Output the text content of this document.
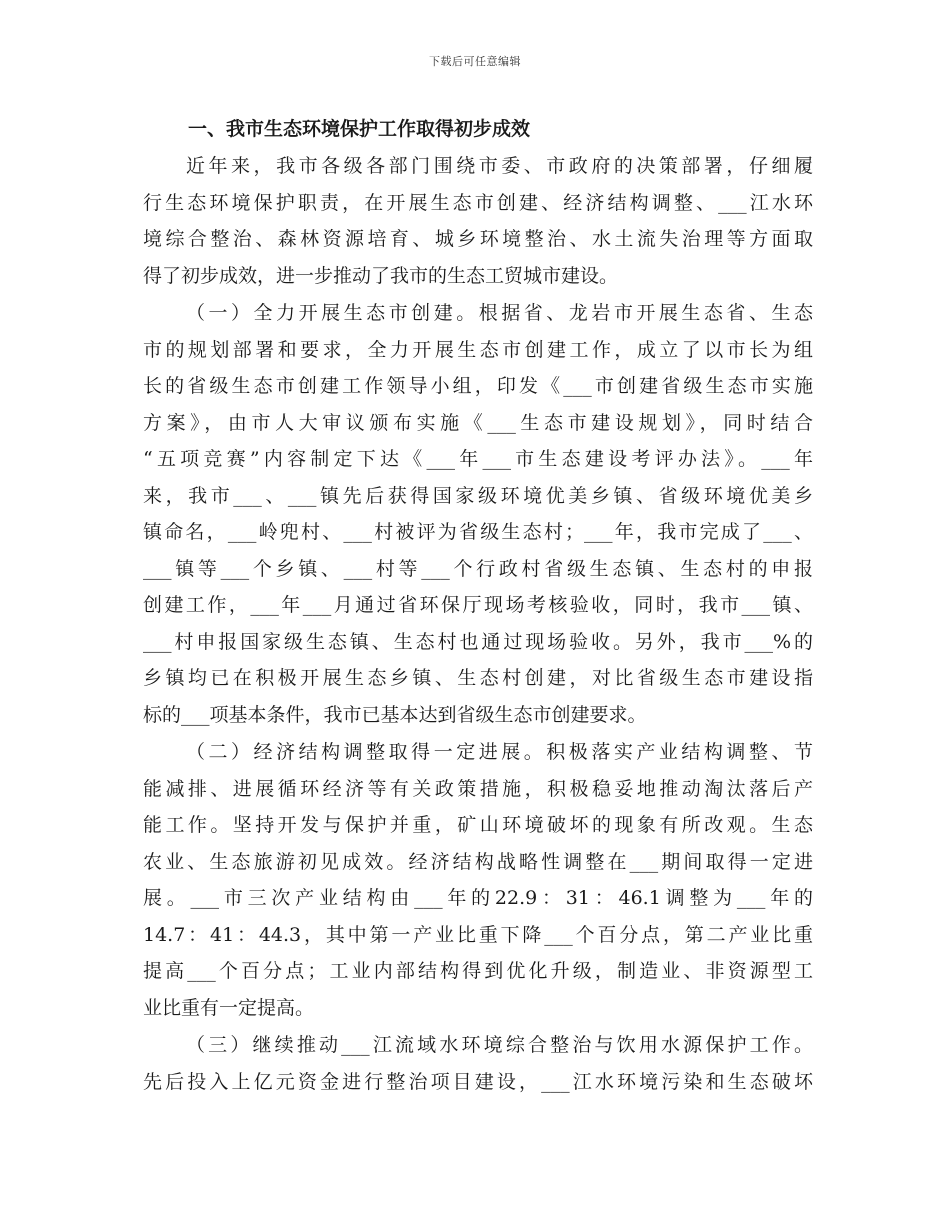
下载后可任意编辑
一、我市生态环境保护工作取得初步成效
近年来，我市各级各部门围绕市委、市政府的决策部署，仔细履
行生态环境保护职责，在开展生态市创建、经济结构调整、___江水环
境综合整治、森林资源培育、城乡环境整治、水土流失治理等方面取
得了初步成效，进一步推动了我市的生态工贸城市建设。
（一）全力开展生态市创建。根据省、龙岩市开展生态省、生态
市的规划部署和要求，全力开展生态市创建工作，成立了以市长为组
长的省级生态市创建工作领导小组，印发《___市创建省级生态市实施
方案》，由市人大审议颁布实施《___生态市建设规划》，同时结合
“五项竞赛”内容制定下达《___年___市生态建设考评办法》。___年
来，我市___、___镇先后获得国家级环境优美乡镇、省级环境优美乡
镇命名，___岭兜村、___村被评为省级生态村；___年，我市完成了___、
___镇等___个乡镇、___村等___个行政村省级生态镇、生态村的申报
创建工作，___年___月通过省环保厅现场考核验收，同时，我市___镇、
___村申报国家级生态镇、生态村也通过现场验收。另外，我市___%的
乡镇均已在积极开展生态乡镇、生态村创建，对比省级生态市建设指
标的___项基本条件，我市已基本达到省级生态市创建要求。
（二）经济结构调整取得一定进展。积极落实产业结构调整、节
能减排、进展循环经济等有关政策措施，积极稳妥地推动淘汰落后产
能工作。坚持开发与保护并重，矿山环境破坏的现象有所改观。生态
农业、生态旅游初见成效。经济结构战略性调整在___期间取得一定进
展。___市三次产业结构由___年的22.9：31：46.1调整为___年的
14.7：41：44.3，其中第一产业比重下降___个百分点，第二产业比重
提高___个百分点；工业内部结构得到优化升级，制造业、非资源型工
业比重有一定提高。
（三）继续推动___江流域水环境综合整治与饮用水源保护工作。
先后投入上亿元资金进行整治项目建设，___江水环境污染和生态破坏
